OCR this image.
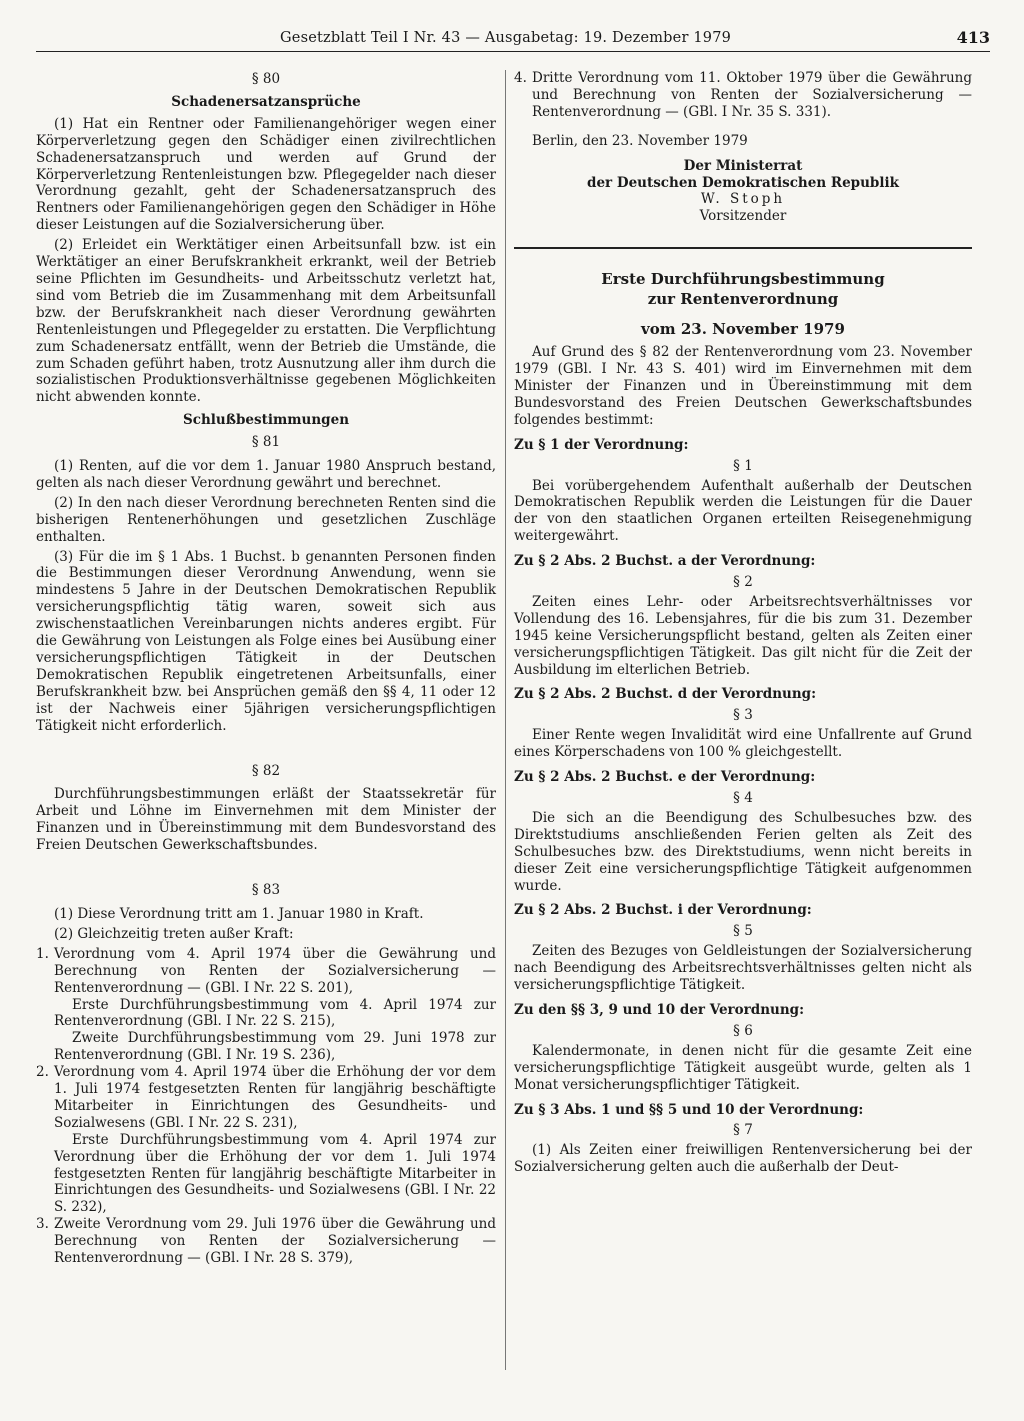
Gesetzblatt Teil I Nr. 43 — Ausgabetag: 19. Dezember 1979	413
§ 80
Schadenersatzansprüche

(1) Hat ein Rentner oder Familienangehöriger wegen einer Körperverletzung gegen den Schädiger einen zivilrechtlichen Schadenersatzanspruch und werden auf Grund der Körperverletzung Rentenleistungen bzw. Pflegegelder nach dieser Verordnung gezahlt, geht der Schadenersatzanspruch des Rentners oder Familienangehörigen gegen den Schädiger in Höhe dieser Leistungen auf die Sozialversicherung über.

(2) Erleidet ein Werktätiger einen Arbeitsunfall bzw. ist ein Werktätiger an einer Berufskrankheit erkrankt, weil der Betrieb seine Pflichten im Gesundheits- und Arbeitsschutz verletzt hat, sind vom Betrieb die im Zusammenhang mit dem Arbeitsunfall bzw. der Berufskrankheit nach dieser Verordnung gewährten Rentenleistungen und Pflegegelder zu erstatten. Die Verpflichtung zum Schadenersatz entfällt, wenn der Betrieb die Umstände, die zum Schaden geführt haben, trotz Ausnutzung aller ihm durch die sozialistischen Produktionsverhältnisse gegebenen Möglichkeiten nicht abwenden konnte.

Schlußbestimmungen
§ 81

(1) Renten, auf die vor dem 1. Januar 1980 Anspruch bestand, gelten als nach dieser Verordnung gewährt und berechnet.

(2) In den nach dieser Verordnung berechneten Renten sind die bisherigen Rentenerhöhungen und gesetzlichen Zuschläge enthalten.

(3) Für die im § 1 Abs. 1 Buchst. b genannten Personen finden die Bestimmungen dieser Verordnung Anwendung, wenn sie mindestens 5 Jahre in der Deutschen Demokratischen Republik versicherungspflichtig tätig waren, soweit sich aus zwischenstaatlichen Vereinbarungen nichts anderes ergibt. Für die Gewährung von Leistungen als Folge eines bei Ausübung einer versicherungspflichtigen Tätigkeit in der Deutschen Demokratischen Republik eingetretenen Arbeitsunfalls, einer Berufskrankheit bzw. bei Ansprüchen gemäß den §§ 4, 11 oder 12 ist der Nachweis einer 5jährigen versicherungspflichtigen Tätigkeit nicht erforderlich.

§ 82

Durchführungsbestimmungen erläßt der Staatssekretär für Arbeit und Löhne im Einvernehmen mit dem Minister der Finanzen und in Übereinstimmung mit dem Bundesvorstand des Freien Deutschen Gewerkschaftsbundes.

§ 83

(1) Diese Verordnung tritt am 1. Januar 1980 in Kraft.

(2) Gleichzeitig treten außer Kraft:

1. Verordnung vom 4. April 1974 über die Gewährung und Berechnung von Renten der Sozialversicherung — Rentenverordnung — (GBl. I Nr. 22 S. 201),

Erste Durchführungsbestimmung vom 4. April 1974 zur Rentenverordnung (GBl. I Nr. 22 S. 215),

Zweite Durchführungsbestimmung vom 29. Juni 1978 zur Rentenverordnung (GBl. I Nr. 19 S. 236),

2. Verordnung vom 4. April 1974 über die Erhöhung der vor dem 1. Juli 1974 festgesetzten Renten für langjährig beschäftigte Mitarbeiter in Einrichtungen des Gesundheits- und Sozialwesens (GBl. I Nr. 22 S. 231),

Erste Durchführungsbestimmung vom 4. April 1974 zur Verordnung über die Erhöhung der vor dem 1. Juli 1974 festgesetzten Renten für langjährig beschäftigte Mitarbeiter in Einrichtungen des Gesundheits- und Sozialwesens (GBl. I Nr. 22 S. 232),

3. Zweite Verordnung vom 29. Juli 1976 über die Gewährung und Berechnung von Renten der Sozialversicherung — Rentenverordnung — (GBl. I Nr. 28 S. 379),

4. Dritte Verordnung vom 11. Oktober 1979 über die Gewährung und Berechnung von Renten der Sozialversicherung — Rentenverordnung — (GBl. I Nr. 35 S. 331).

Berlin, den 23. November 1979

Der Ministerrat
der Deutschen Demokratischen Republik
W. Stoph
Vorsitzender
Erste Durchführungsbestimmung
zur Rentenverordnung
vom 23. November 1979

Auf Grund des § 82 der Rentenverordnung vom 23. November 1979 (GBl. I Nr. 43 S. 401) wird im Einvernehmen mit dem Minister der Finanzen und in Übereinstimmung mit dem Bundesvorstand des Freien Deutschen Gewerkschaftsbundes folgendes bestimmt:

Zu § 1 der Verordnung:
§ 1

Bei vorübergehendem Aufenthalt außerhalb der Deutschen Demokratischen Republik werden die Leistungen für die Dauer der von den staatlichen Organen erteilten Reisegenehmigung weitergewährt.

Zu § 2 Abs. 2 Buchst. a der Verordnung:
§ 2

Zeiten eines Lehr- oder Arbeitsrechtsverhältnisses vor Vollendung des 16. Lebensjahres, für die bis zum 31. Dezember 1945 keine Versicherungspflicht bestand, gelten als Zeiten einer versicherungspflichtigen Tätigkeit. Das gilt nicht für die Zeit der Ausbildung im elterlichen Betrieb.

Zu § 2 Abs. 2 Buchst. d der Verordnung:
§ 3

Einer Rente wegen Invalidität wird eine Unfallrente auf Grund eines Körperschadens von 100 % gleichgestellt.

Zu § 2 Abs. 2 Buchst. e der Verordnung:
§ 4

Die sich an die Beendigung des Schulbesuches bzw. des Direktstudiums anschließenden Ferien gelten als Zeit des Schulbesuches bzw. des Direktstudiums, wenn nicht bereits in dieser Zeit eine versicherungspflichtige Tätigkeit aufgenommen wurde.

Zu § 2 Abs. 2 Buchst. i der Verordnung:
§ 5

Zeiten des Bezuges von Geldleistungen der Sozialversicherung nach Beendigung des Arbeitsrechtsverhältnisses gelten nicht als versicherungspflichtige Tätigkeit.

Zu den §§ 3, 9 und 10 der Verordnung:
§ 6

Kalendermonate, in denen nicht für die gesamte Zeit eine versicherungspflichtige Tätigkeit ausgeübt wurde, gelten als 1 Monat versicherungspflichtiger Tätigkeit.

Zu § 3 Abs. 1 und §§ 5 und 10 der Verordnung:
§ 7

(1) Als Zeiten einer freiwilligen Rentenversicherung bei der Sozialversicherung gelten auch die außerhalb der Deut-
